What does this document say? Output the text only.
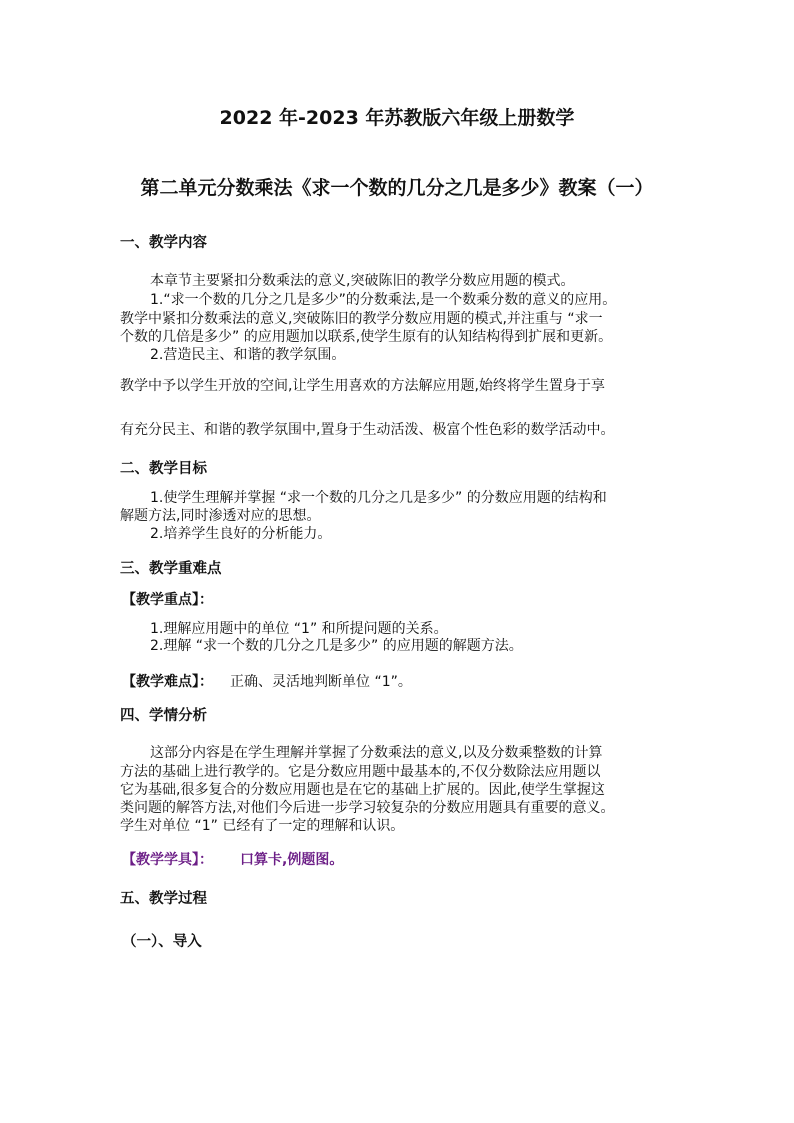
2022 年-2023 年苏教版六年级上册数学
第二单元分数乘法《求一个数的几分之几是多少》教案（一）
一、教学内容
本章节主要紧扣分数乘法的意义,突破陈旧的教学分数应用题的模式。
1.“求一个数的几分之几是多少”的分数乘法,是一个数乘分数的意义的应用。
教学中紧扣分数乘法的意义,突破陈旧的教学分数应用题的模式,并注重与 “求一
个数的几倍是多少” 的应用题加以联系,使学生原有的认知结构得到扩展和更新。
2.营造民主、和谐的教学氛围。
教学中予以学生开放的空间,让学生用喜欢的方法解应用题,始终将学生置身于享
有充分民主、和谐的教学氛围中,置身于生动活泼、极富个性色彩的数学活动中。
二、教学目标
1.使学生理解并掌握 “求一个数的几分之几是多少” 的分数应用题的结构和
解题方法,同时渗透对应的思想。
2.培养学生良好的分析能力。
三、教学重难点
【教学重点】：
1.理解应用题中的单位 “1” 和所提问题的关系。
2.理解 “求一个数的几分之几是多少” 的应用题的解题方法。
【教学难点】： 正确、灵活地判断单位 “1”。
四、学情分析
这部分内容是在学生理解并掌握了分数乘法的意义,以及分数乘整数的计算
方法的基础上进行教学的。它是分数应用题中最基本的,不仅分数除法应用题以
它为基础,很多复合的分数应用题也是在它的基础上扩展的。因此,使学生掌握这
类问题的解答方法,对他们今后进一步学习较复杂的分数应用题具有重要的意义。
学生对单位 “1” 已经有了一定的理解和认识。
【教学学具】： 口算卡,例题图。
五、教学过程
（一）、导入
